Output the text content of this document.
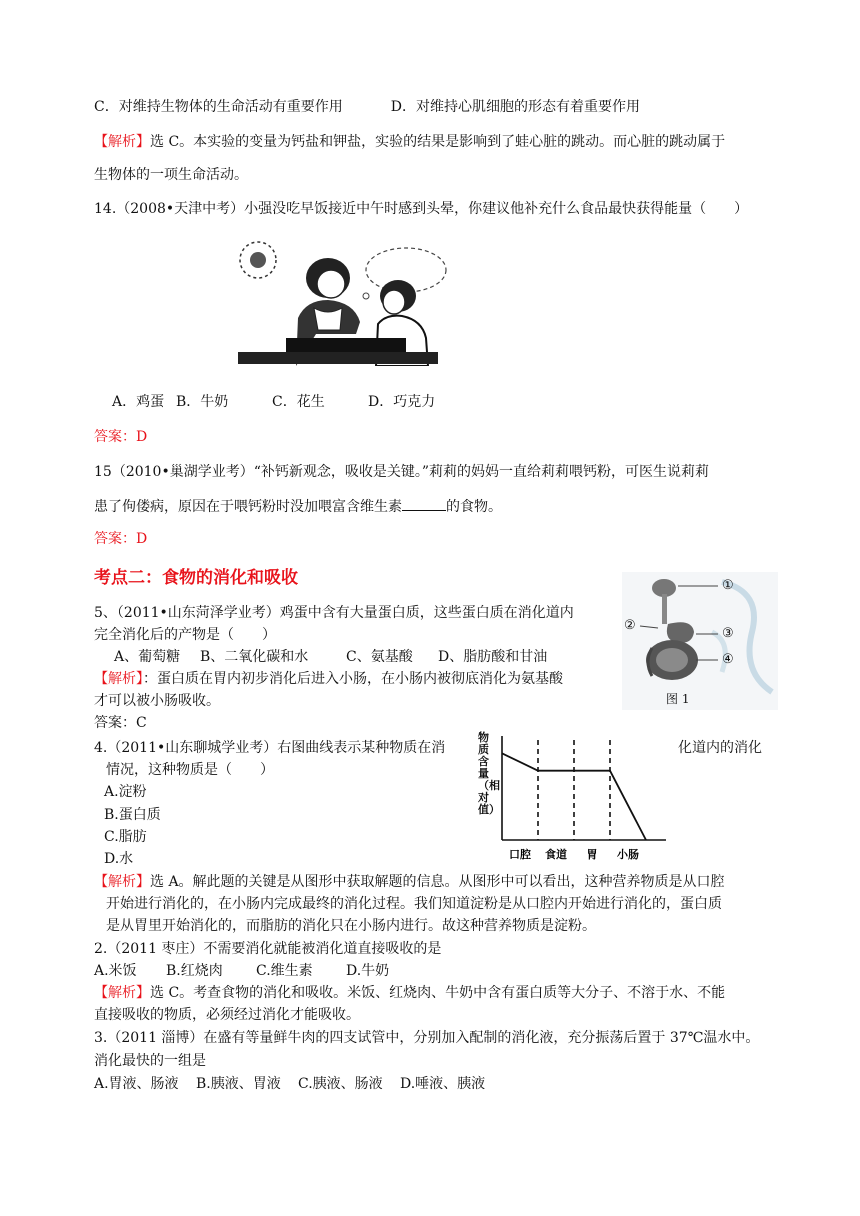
C．对维持生物体的生命活动有重要作用	D．对维持心肌细胞的形态有着重要作用
【解析】选 C。本实验的变量为钙盐和钾盐，实验的结果是影响到了蛙心脏的跳动。而心脏的跳动属于
生物体的一项生命活动。
14.（2008•天津中考）小强没吃早饭接近中午时感到头晕，你建议他补充什么食品最快获得能量（　　）
A．鸡蛋 B．牛奶	C．花生	D．巧克力
答案：D
15（2010•巢湖学业考）“补钙新观念，吸收是关键。”莉莉的妈妈一直给莉莉喂钙粉，可医生说莉莉
患了佝偻病，原因在于喂钙粉时没加喂富含维生素	的食物。
答案：D
考点二：食物的消化和吸收	①
②
③
④
图 1
5、（2011•山东菏泽学业考）鸡蛋中含有大量蛋白质，这些蛋白质在消化道内
完全消化后的产物是（　　）
A、葡萄糖 B、二氧化碳和水	C、氨基酸 D、脂肪酸和甘油
【解析】：蛋白质在胃内初步消化后进入小肠，在小肠内被彻底消化为氨基酸
才可以被小肠吸收。
答案：C
4.（2011•山东聊城学业考）右图曲线表示某种物质在消	化道内的消化
情况，这种物质是（　　）
A.淀粉
B.蛋白质
C.脂肪
D.水	口腔 食道 胃 小肠
物质含量（相对值）
【解析】选 A。解此题的关键是从图形中获取解题的信息。从图形中可以看出，这种营养物质是从口腔
开始进行消化的，在小肠内完成最终的消化过程。我们知道淀粉是从口腔内开始进行消化的，蛋白质
是从胃里开始消化的，而脂肪的消化只在小肠内进行。故这种营养物质是淀粉。
2.（2011 枣庄）不需要消化就能被消化道直接吸收的是
A.米饭 B.红烧肉 C.维生素 D.牛奶
【解析】选 C。考查食物的消化和吸收。米饭、红烧肉、牛奶中含有蛋白质等大分子、不溶于水、不能
直接吸收的物质，必须经过消化才能吸收。
3.（2011 淄博）在盛有等量鲜牛肉的四支试管中，分别加入配制的消化液，充分振荡后置于 37℃温水中。
消化最快的一组是
A.胃液、肠液 B.胰液、胃液 C.胰液、肠液 D.唾液、胰液
